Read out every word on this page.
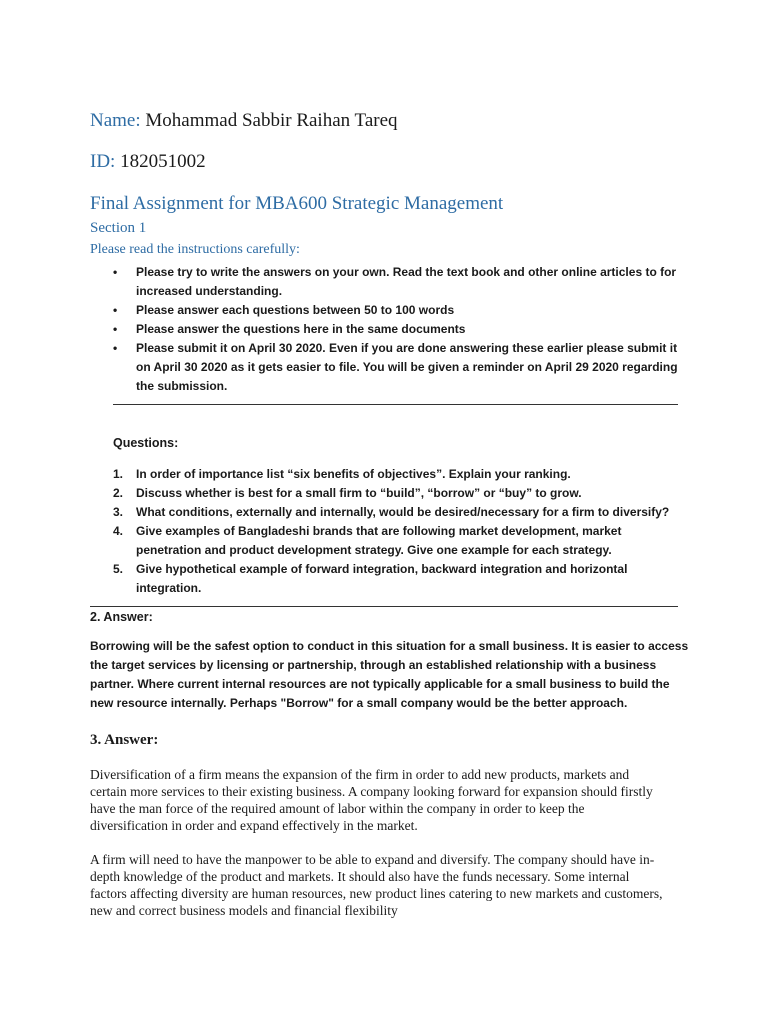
Name: Mohammad Sabbir Raihan Tareq
ID: 182051002
Final Assignment for MBA600 Strategic Management
Section 1
Please read the instructions carefully:
• Please try to write the answers on your own. Read the text book and other online articles to for
increased understanding.
• Please answer each questions between 50 to 100 words
• Please answer the questions here in the same documents
• Please submit it on April 30 2020. Even if you are done answering these earlier please submit it
on April 30 2020 as it gets easier to file. You will be given a reminder on April 29 2020 regarding
the submission.
Questions:
1. In order of importance list “six benefits of objectives”. Explain your ranking.
2. Discuss whether is best for a small firm to “build”, “borrow” or “buy” to grow.
3. What conditions, externally and internally, would be desired/necessary for a firm to diversify?
4. Give examples of Bangladeshi brands that are following market development, market
penetration and product development strategy. Give one example for each strategy.
5. Give hypothetical example of forward integration, backward integration and horizontal
integration.
2. Answer:
Borrowing will be the safest option to conduct in this situation for a small business. It is easier to access
the target services by licensing or partnership, through an established relationship with a business
partner. Where current internal resources are not typically applicable for a small business to build the
new resource internally. Perhaps "Borrow" for a small company would be the better approach.
3. Answer:
Diversification of a firm means the expansion of the firm in order to add new products, markets and
certain more services to their existing business. A company looking forward for expansion should firstly
have the man force of the required amount of labor within the company in order to keep the
diversification in order and expand effectively in the market.
A firm will need to have the manpower to be able to expand and diversify. The company should have in-
depth knowledge of the product and markets. It should also have the funds necessary. Some internal
factors affecting diversity are human resources, new product lines catering to new markets and customers,
new and correct business models and financial flexibility
